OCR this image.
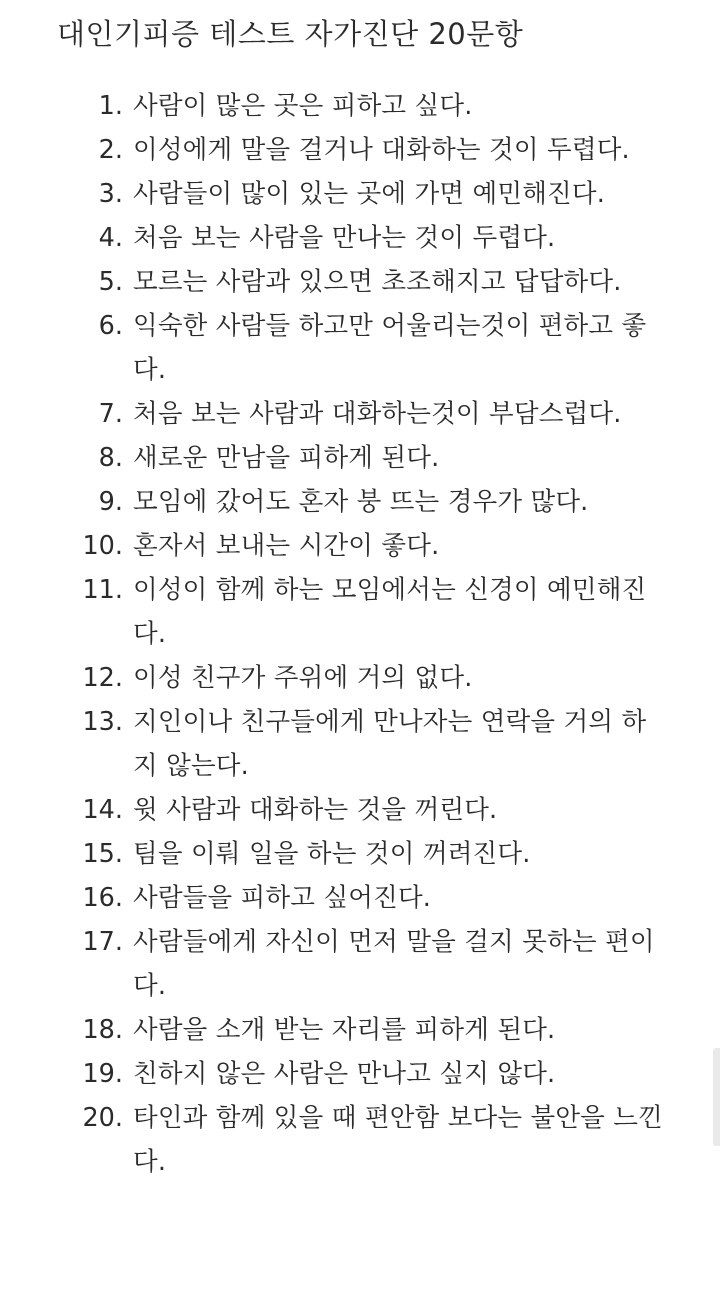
대인기피증 테스트 자가진단 20문항
1. 사람이 많은 곳은 피하고 싶다.
2. 이성에게 말을 걸거나 대화하는 것이 두렵다.
3. 사람들이 많이 있는 곳에 가면 예민해진다.
4. 처음 보는 사람을 만나는 것이 두렵다.
5. 모르는 사람과 있으면 초조해지고 답답하다.
6. 익숙한 사람들 하고만 어울리는것이 편하고 좋다.
7. 처음 보는 사람과 대화하는것이 부담스럽다.
8. 새로운 만남을 피하게 된다.
9. 모임에 갔어도 혼자 붕 뜨는 경우가 많다.
10. 혼자서 보내는 시간이 좋다.
11. 이성이 함께 하는 모임에서는 신경이 예민해진다.
12. 이성 친구가 주위에 거의 없다.
13. 지인이나 친구들에게 만나자는 연락을 거의 하지 않는다.
14. 윗 사람과 대화하는 것을 꺼린다.
15. 팀을 이뤄 일을 하는 것이 꺼려진다.
16. 사람들을 피하고 싶어진다.
17. 사람들에게 자신이 먼저 말을 걸지 못하는 편이다.
18. 사람을 소개 받는 자리를 피하게 된다.
19. 친하지 않은 사람은 만나고 싶지 않다.
20. 타인과 함께 있을 때 편안함 보다는 불안을 느낀다.
